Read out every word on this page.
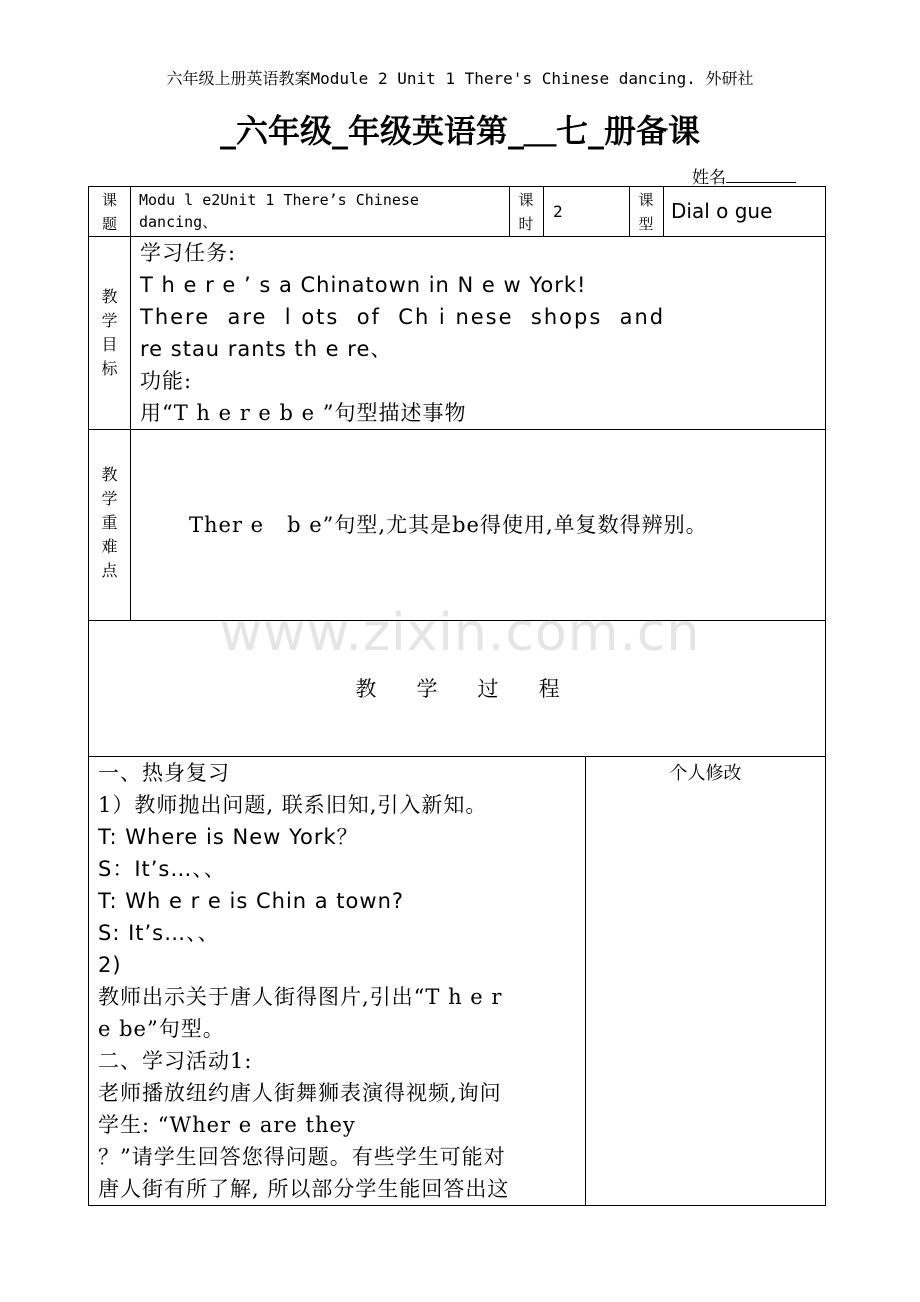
六年级上册英语教案Module 2 Unit 1 There's Chinese dancing. 外研社
_六年级_年级英语第_＿七_册备课
姓名
课
题
Modu l e2Unit 1 There’s Chinese dancing、
课
时
2
课
型
Dial o gue
教
学
目
标
学习任务:
T h e r e ’ s a Chinatown in N e w York!
There  are  l ots  of  Ch i nese  shops  and
re stau rants th e re、
功能:
用“T h e r e b e ”句型描述事物
教
学
重
难
点
Ther e   b e”句型,尤其是be得使用,单复数得辨别。
教      学      过      程
一、热身复习
1）教师抛出问题, 联系旧知,引入新知。
T: Where is New York？
S：It’s…、、
T: Wh e r e is Chin a town?
S: It’s…、、
2)
教师出示关于唐人街得图片,引出“T h e r
e be”句型。
二、学习活动1:
老师播放纽约唐人街舞狮表演得视频,询问
学生: “Wher e are they
？”请学生回答您得问题。有些学生可能对
唐人街有所了解, 所以部分学生能回答出这
个人修改
www.zixin.com.cn
